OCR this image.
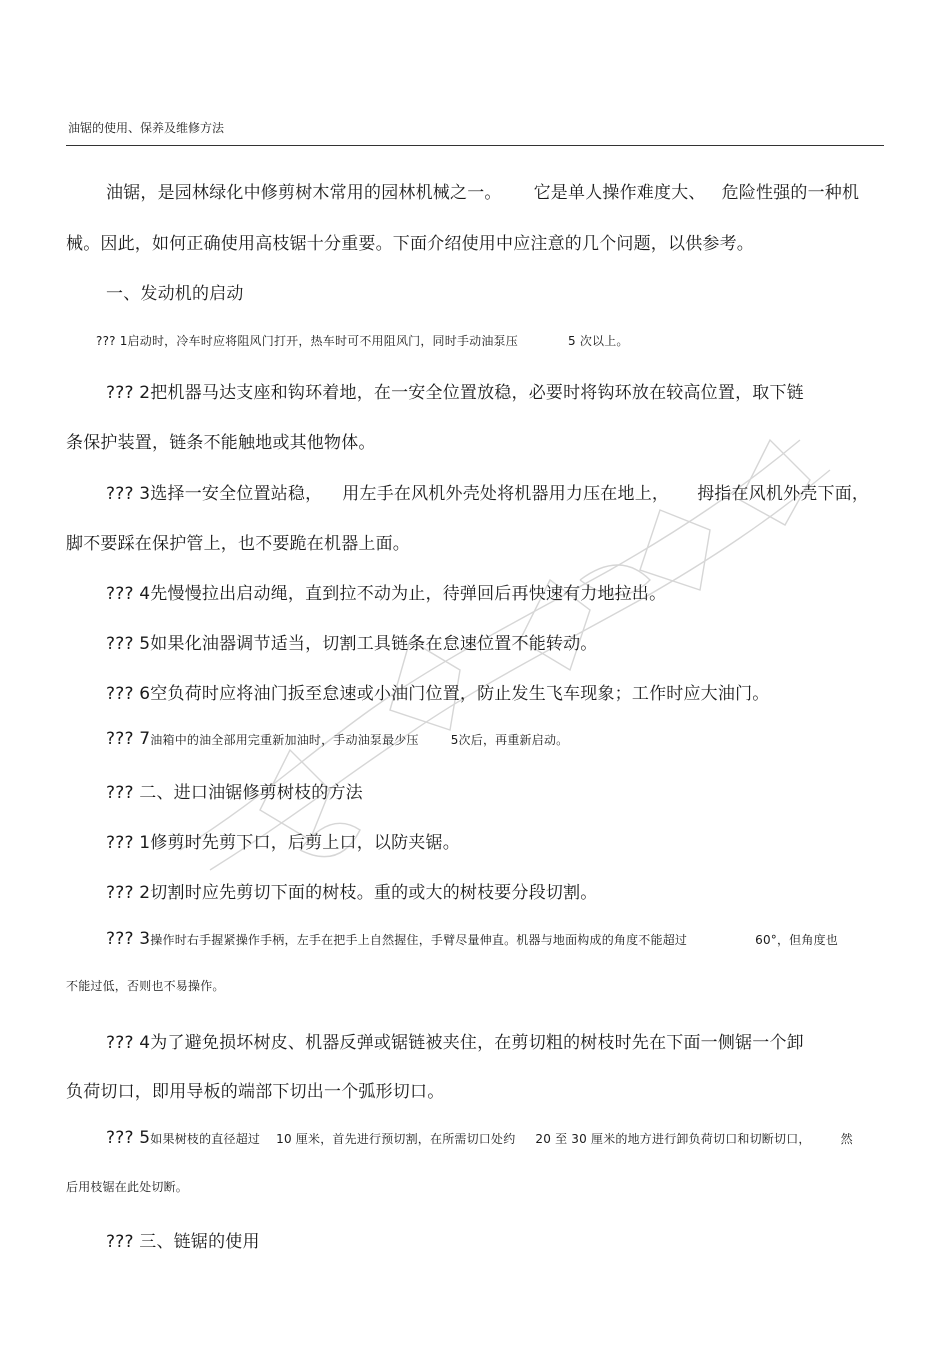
油锯的使用、保养及维修方法
油锯，是园林绿化中修剪树木常用的园林机械之一。 它是单人操作难度大、 危险性强的一种机
械。因此，如何正确使用高枝锯十分重要。下面介绍使用中应注意的几个问题，以供参考。
一、发动机的启动
??? 1启动时，冷车时应将阻风门打开，热车时可不用阻风门，同时手动油泵压	5 次以上。
??? 2把机器马达支座和钩环着地，在一安全位置放稳，必要时将钩环放在较高位置，取下链
条保护装置，链条不能触地或其他物体。
??? 3选择一安全位置站稳， 用左手在风机外壳处将机器用力压在地上， 拇指在风机外壳下面，
脚不要踩在保护管上，也不要跪在机器上面。
??? 4先慢慢拉出启动绳，直到拉不动为止，待弹回后再快速有力地拉出。
??? 5如果化油器调节适当，切割工具链条在怠速位置不能转动。
??? 6空负荷时应将油门扳至怠速或小油门位置，防止发生飞车现象；工作时应大油门。
??? 7油箱中的油全部用完重新加油时，手动油泵最少压	5次后，再重新启动。
??? 二、进口油锯修剪树枝的方法
??? 1修剪时先剪下口，后剪上口，以防夹锯。
??? 2切割时应先剪切下面的树枝。重的或大的树枝要分段切割。
??? 3操作时右手握紧操作手柄，左手在把手上自然握住，手臂尽量伸直。机器与地面构成的角度不能超过	60°，但角度也
不能过低，否则也不易操作。
??? 4为了避免损坏树皮、机器反弹或锯链被夹住，在剪切粗的树枝时先在下面一侧锯一个卸
负荷切口，即用导板的端部下切出一个弧形切口。
??? 5如果树枝的直径超过 10 厘米，首先进行预切割，在所需切口处约 20 至 30 厘米的地方进行卸负荷切口和切断切口，	然
后用枝锯在此处切断。
??? 三、链锯的使用
